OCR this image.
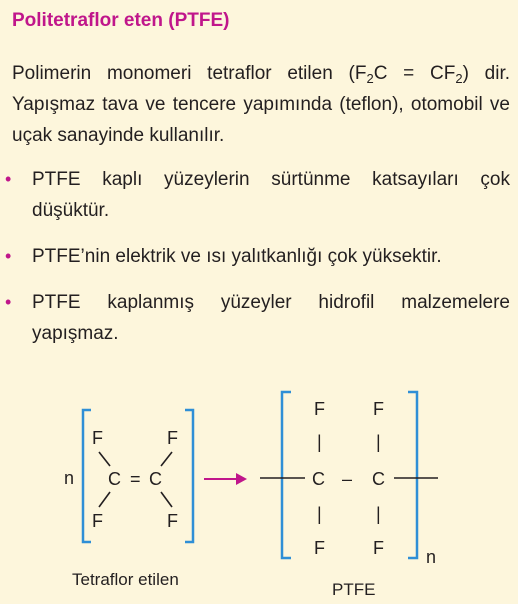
Politetraflor eten (PTFE)
Polimerin monomeri tetraflor etilen $(F_2C = CF_2)$ dir. Yapışmaz tava ve tencere yapımında (teflon), otomobil ve uçak sanayinde kullanılır.
• PTFE kaplı yüzeylerin sürtünme katsayıları çok düşüktür.
• PTFE’nin elektrik ve ısı yalıtkanlığı çok yüksektir.
• PTFE kaplanmış yüzeyler hidrofil malzemelere yapışmaz.
n
F	F
F	F
C = C
Tetraflor etilen
n
F	F
|	|
C – C
|	|
F	F
PTFE
